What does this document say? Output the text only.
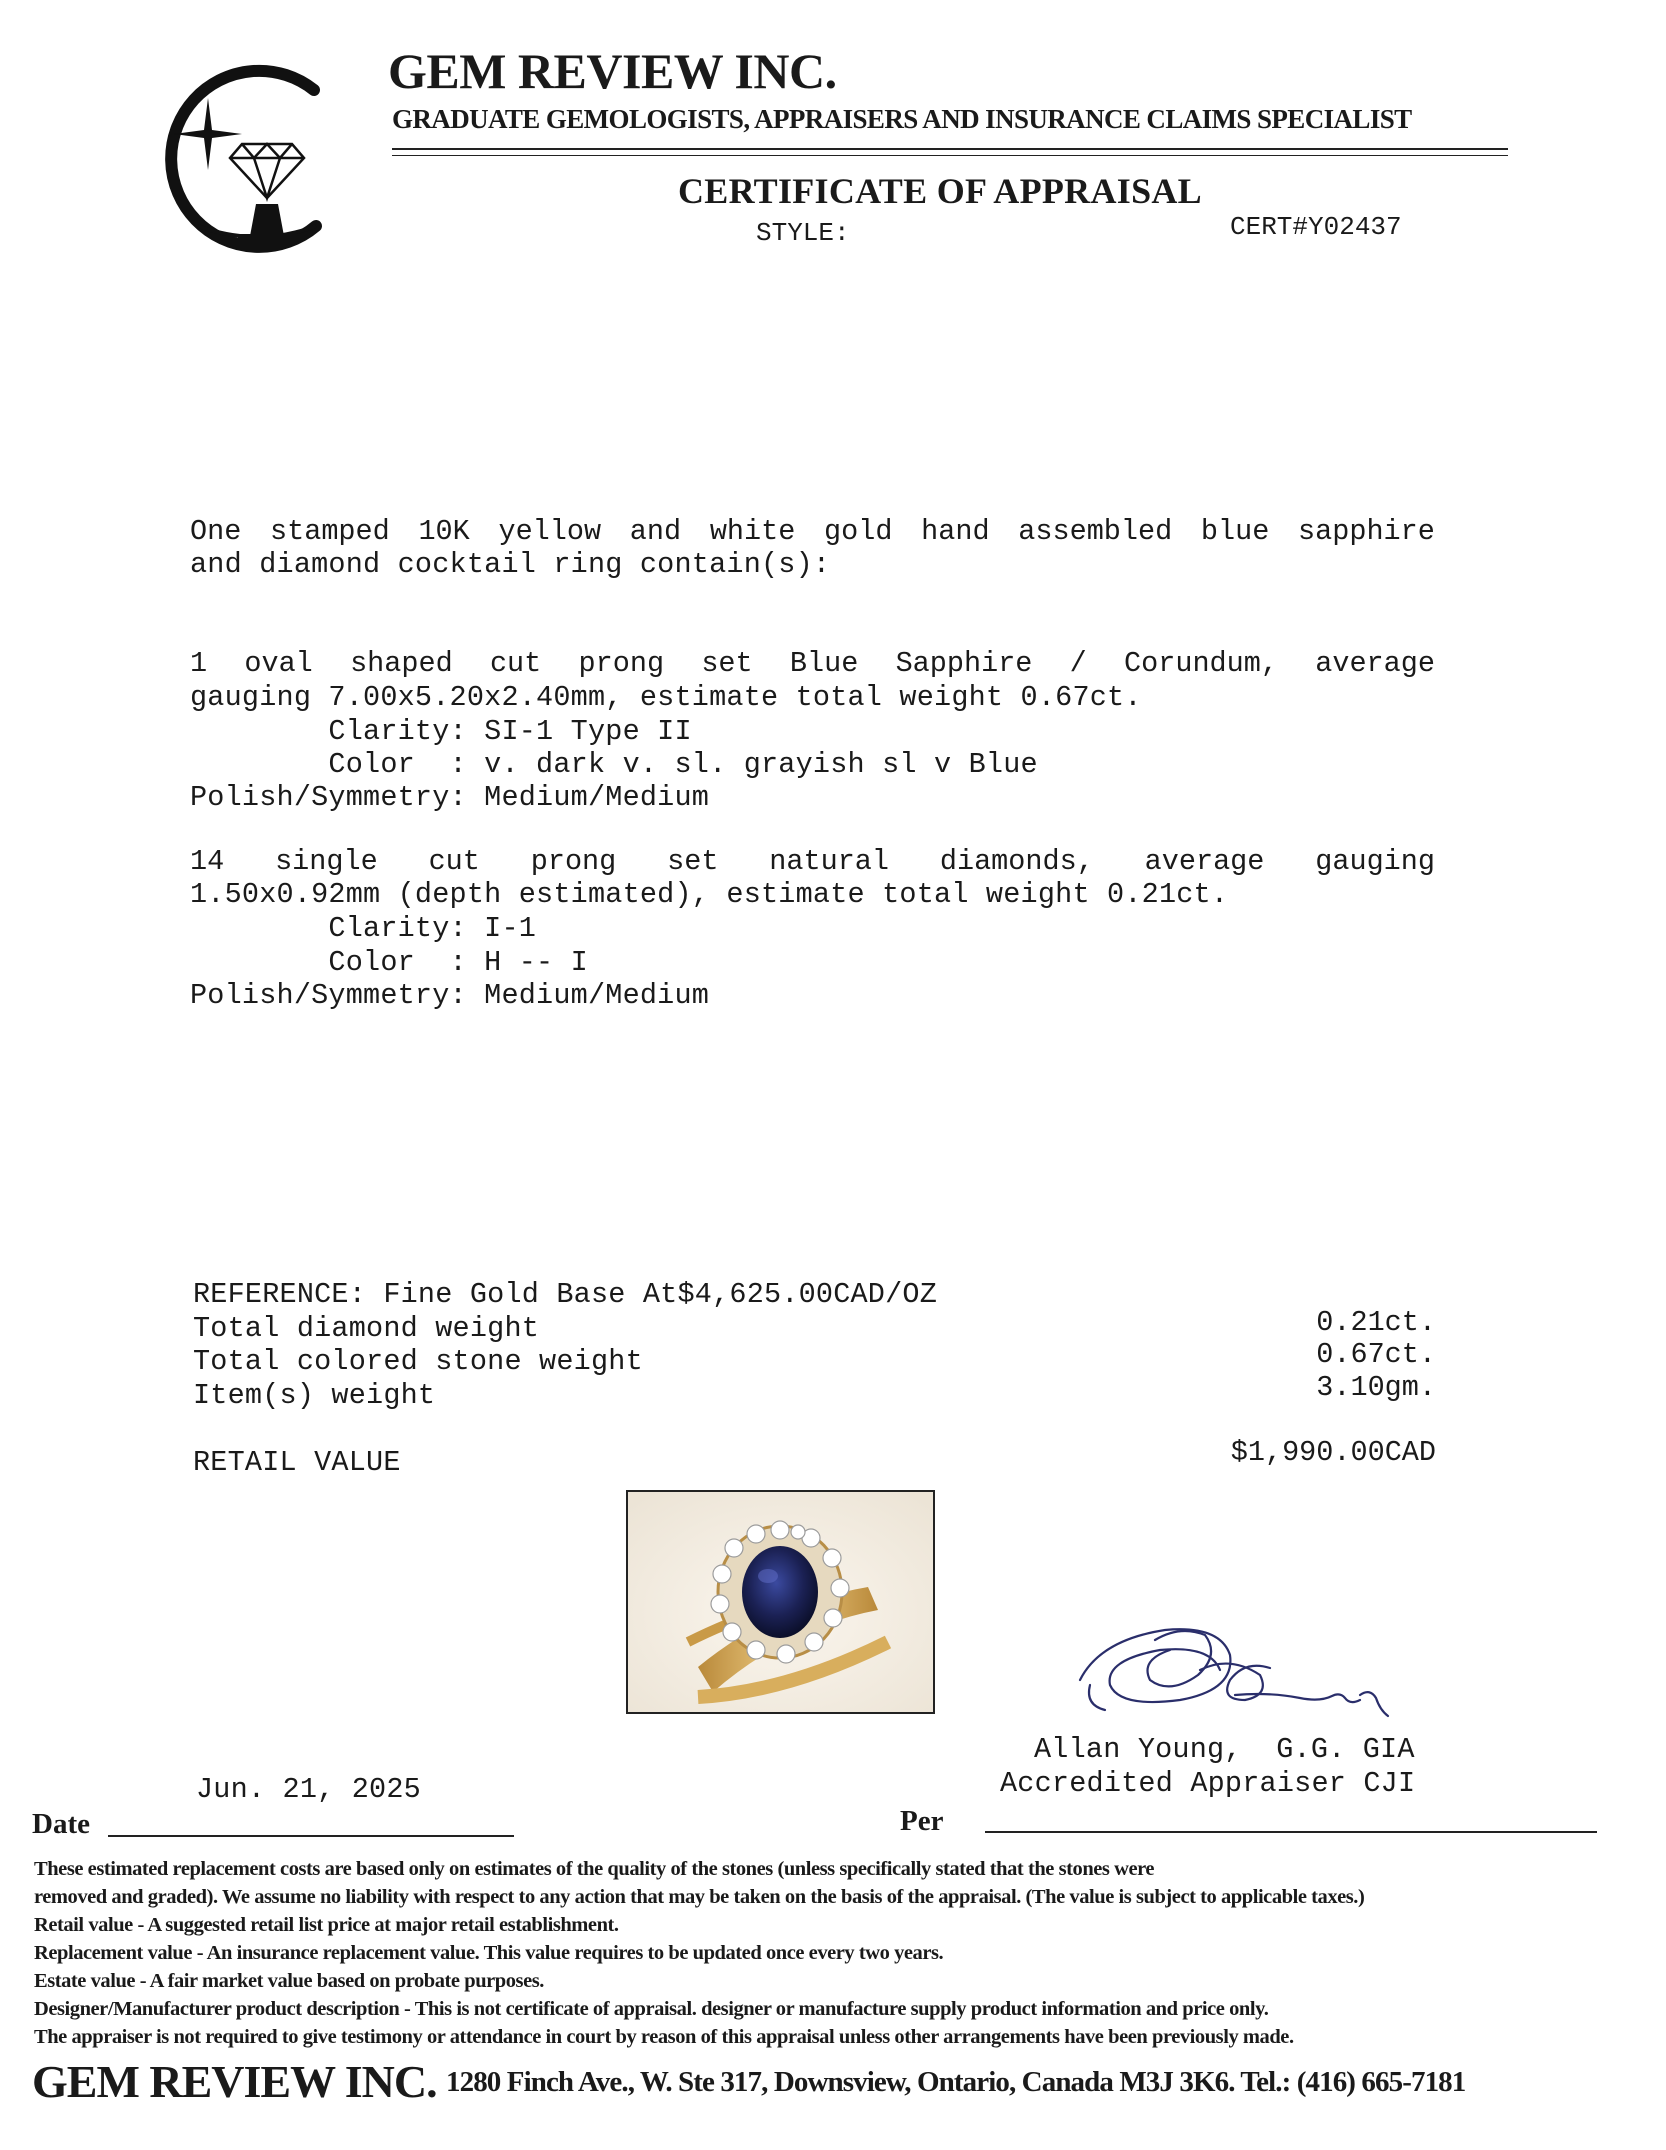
GEM REVIEW INC.
GRADUATE GEMOLOGISTS, APPRAISERS AND INSURANCE CLAIMS SPECIALIST
CERTIFICATE OF APPRAISAL
STYLE:	CERT#Y02437
One stamped 10K yellow and white gold hand assembled blue sapphire
and diamond cocktail ring contain(s):
1 oval shaped cut prong set Blue Sapphire / Corundum, average
gauging 7.00x5.20x2.40mm, estimate total weight 0.67ct.
Clarity: SI-1 Type II
Color  : v. dark v. sl. grayish sl v Blue
Polish/Symmetry: Medium/Medium
14 single cut prong set natural diamonds, average gauging
1.50x0.92mm (depth estimated), estimate total weight 0.21ct.
Clarity: I-1
Color  : H -- I
Polish/Symmetry: Medium/Medium
REFERENCE: Fine Gold Base At$4,625.00CAD/OZ
Total diamond weight	0.21ct.
Total colored stone weight	0.67ct.
Item(s) weight	3.10gm.
RETAIL VALUE	$1,990.00CAD
Allan Young,  G.G. GIA
Accredited Appraiser CJI
Jun. 21, 2025
Date	Per
These estimated replacement costs are based only on estimates of the quality of the stones (unless specifically stated that the stones were
removed and graded). We assume no liability with respect to any action that may be taken on the basis of the appraisal. (The value is subject to applicable taxes.)
Retail value - A suggested retail list price at major retail establishment.
Replacement value - An insurance replacement value. This value requires to be updated once every two years.
Estate value - A fair market value based on probate purposes.
Designer/Manufacturer product description - This is not certificate of appraisal. designer or manufacture supply product information and price only.
The appraiser is not required to give testimony or attendance in court by reason of this appraisal unless other arrangements have been previously made.
GEM REVIEW INC. 1280 Finch Ave., W. Ste 317, Downsview, Ontario, Canada M3J 3K6. Tel.: (416) 665-7181
